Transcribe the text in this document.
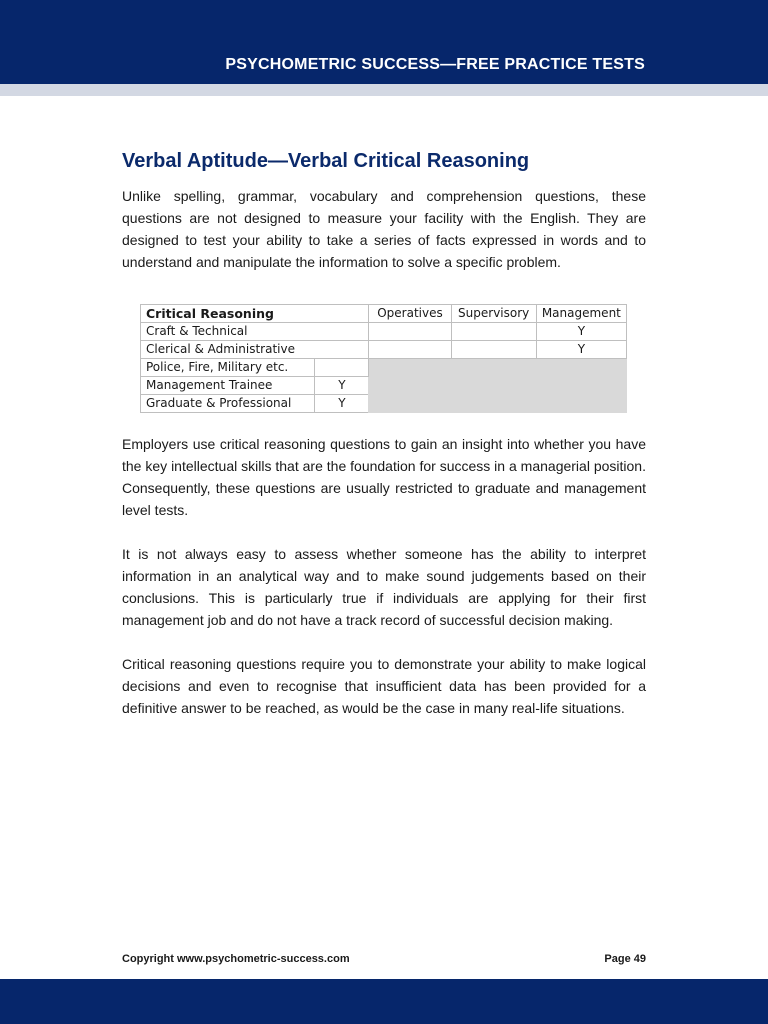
PSYCHOMETRIC SUCCESS—FREE PRACTICE TESTS
Verbal Aptitude—Verbal Critical Reasoning

Unlike spelling, grammar, vocabulary and comprehension questions, these questions are not designed to measure your facility with the English. They are designed to test your ability to take a series of facts expressed in words and to understand and manipulate the information to solve a specific problem.

Critical Reasoning		Operatives	Supervisory	Management
Craft & Technical				Y
Clerical & Administrative				Y
Police, Fire, Military etc.				
Management Trainee	Y			
Graduate & Professional	Y			

Employers use critical reasoning questions to gain an insight into whether you have the key intellectual skills that are the foundation for success in a managerial position. Consequently, these questions are usually restricted to graduate and management level tests.

It is not always easy to assess whether someone has the ability to interpret information in an analytical way and to make sound judgements based on their conclusions. This is particularly true if individuals are applying for their first management job and do not have a track record of successful decision making.

Critical reasoning questions require you to demonstrate your ability to make logical decisions and even to recognise that insufficient data has been provided for a definitive answer to be reached, as would be the case in many real-life situations.

Copyright www.psychometric-success.com	Page 49
